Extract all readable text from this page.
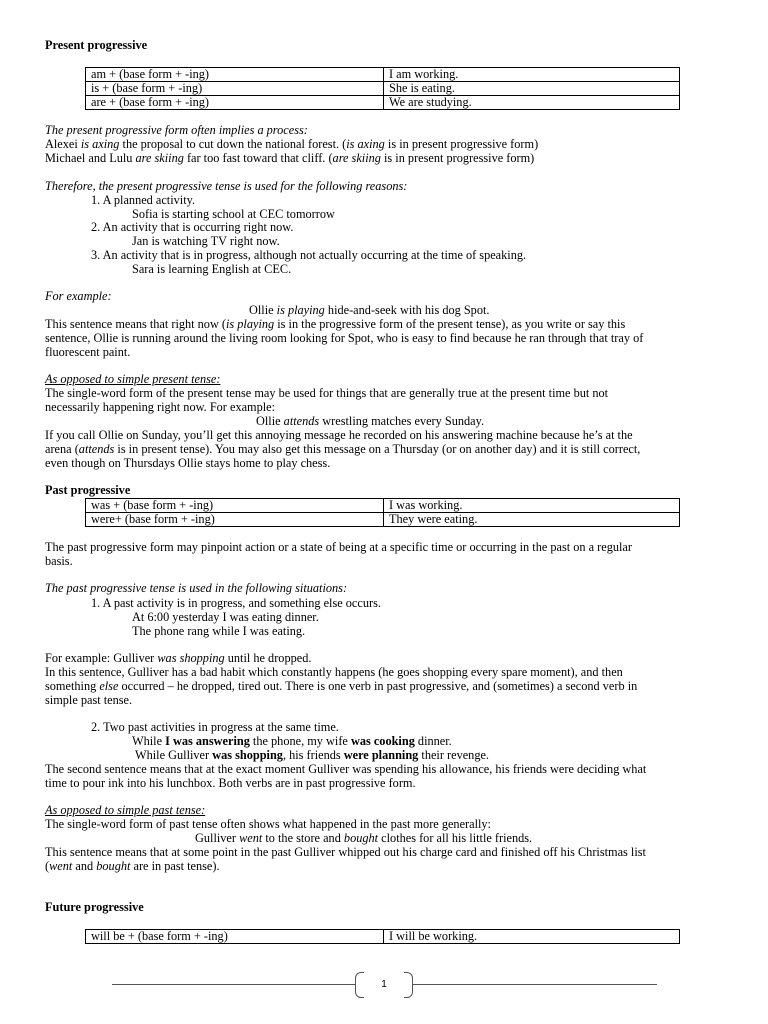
Present progressive
am + (base form + -ing)	I am working.
is + (base form + -ing)	She is eating.
are + (base form + -ing)	We are studying.
The present progressive form often implies a process:
Alexei is axing the proposal to cut down the national forest. (is axing is in present progressive form)
Michael and Lulu are skiing far too fast toward that cliff. (are skiing is in present progressive form)
Therefore, the present progressive tense is used for the following reasons:
1. A planned activity.
Sofia is starting school at CEC tomorrow
2. An activity that is occurring right now.
Jan is watching TV right now.
3. An activity that is in progress, although not actually occurring at the time of speaking.
Sara is learning English at CEC.
For example:
Ollie is playing hide-and-seek with his dog Spot.
This sentence means that right now (is playing is in the progressive form of the present tense), as you write or say this
sentence, Ollie is running around the living room looking for Spot, who is easy to find because he ran through that tray of
fluorescent paint.
As opposed to simple present tense:
The single-word form of the present tense may be used for things that are generally true at the present time but not
necessarily happening right now. For example:
Ollie attends wrestling matches every Sunday.
If you call Ollie on Sunday, you’ll get this annoying message he recorded on his answering machine because he’s at the
arena (attends is in present tense). You may also get this message on a Thursday (or on another day) and it is still correct,
even though on Thursdays Ollie stays home to play chess.
Past progressive
was + (base form + -ing)	I was working.
were+ (base form + -ing)	They were eating.
The past progressive form may pinpoint action or a state of being at a specific time or occurring in the past on a regular
basis.
The past progressive tense is used in the following situations:
1. A past activity is in progress, and something else occurs.
At 6:00 yesterday I was eating dinner.
The phone rang while I was eating.
For example: Gulliver was shopping until he dropped.
In this sentence, Gulliver has a bad habit which constantly happens (he goes shopping every spare moment), and then
something else occurred – he dropped, tired out. There is one verb in past progressive, and (sometimes) a second verb in
simple past tense.
2. Two past activities in progress at the same time.
While I was answering the phone, my wife was cooking dinner.
While Gulliver was shopping, his friends were planning their revenge.
The second sentence means that at the exact moment Gulliver was spending his allowance, his friends were deciding what
time to pour ink into his lunchbox. Both verbs are in past progressive form.
As opposed to simple past tense:
The single-word form of past tense often shows what happened in the past more generally:
Gulliver went to the store and bought clothes for all his little friends.
This sentence means that at some point in the past Gulliver whipped out his charge card and finished off his Christmas list
(went and bought are in past tense).
Future progressive
will be + (base form + -ing)	I will be working.
1
